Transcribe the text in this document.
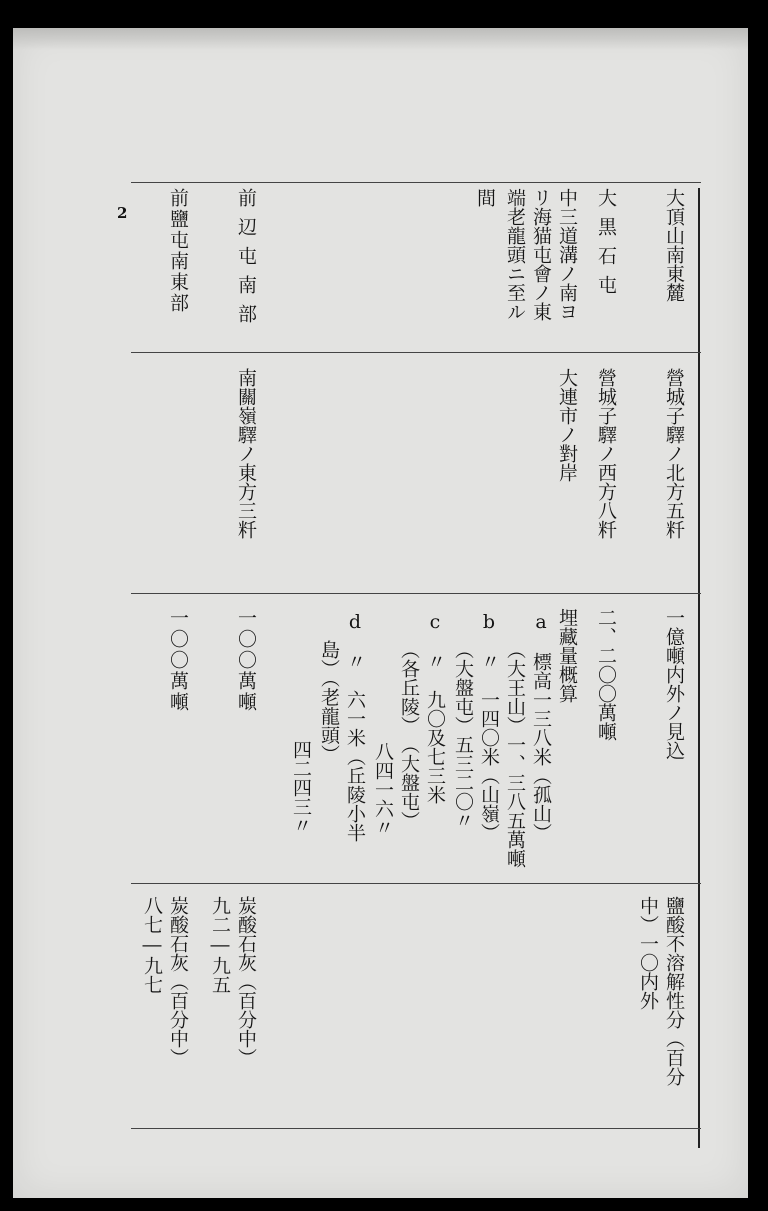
2	大頂山南東麓
營城子驛ノ北方五粁
一億噸内外ノ見込
鹽酸不溶解性分（百分
中）一〇内外
大黒石屯
營城子驛ノ西方八粁
二、二〇〇萬噸
中三道溝ノ南ヨ
リ海猫屯會ノ東
端老龍頭ニ至ル
間
大連市ノ對岸
埋藏量概算
a　標高一三八米（孤山）
（大王山）一、三八五萬噸
b　〃　一四〇米（山嶺）
（大盤屯）五三二〇〃
c　〃　九〇及七三米
（各丘陵）　（大盤屯）
八四一六〃
d　〃　六一米（丘陵小半
島）（老龍頭）
四二四三〃
前辺屯南部
南關嶺驛ノ東方三粁
一〇〇萬噸
炭酸石灰（百分中）
九二―九五
前鹽屯南東部
一〇〇萬噸
炭酸石灰（百分中）
八七―九七
